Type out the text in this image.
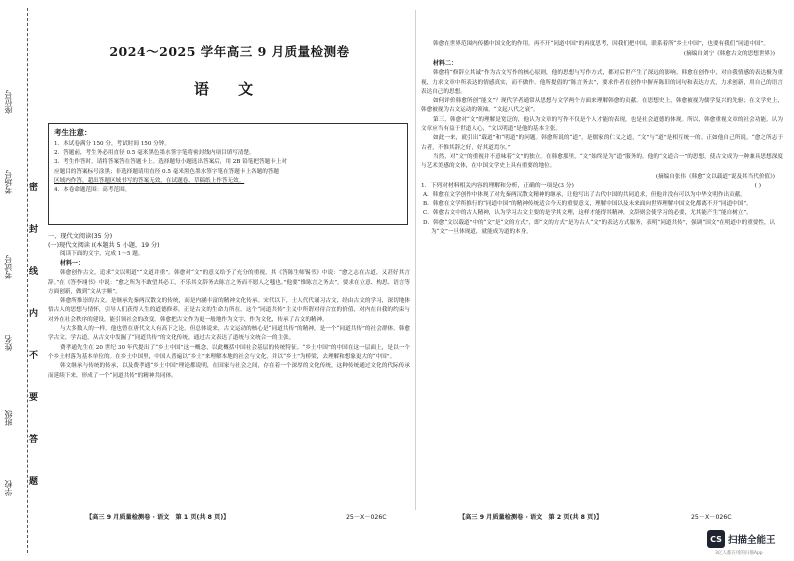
座位号
考场号
考试号
姓名
班级
学校
密
封
线
内
不
要
答
题
2024～2025 学年高三 9 月质量检测卷
语 文
考生注意：
1．本试卷满分 150 分，考试时间 150 分钟。
2．答题前，考生务必用直径 0.5 毫米黑色墨水签字笔将密封线内项目填写清楚。
3．考生作答时，请将答案答在答题卡上。选择题每小题选出答案后，用 2B 铅笔把答题卡上对
应题目的答案标号涂黑；非选择题请用直径 0.5 毫米黑色墨水签字笔在答题卡上各题的答题
区域内作答，超出答题区域书写的答案无效，在试题卷、草稿纸上作答无效。
4．本卷命题范围：高考范围。
一、现代文阅读(35 分)
(一)现代文阅读 I(本题共 5 小题，19 分)
阅读下面的文字，完成 1～5 题。
材料一：
韩愈创作古文，追求“文以明道”“文道并重”。韩愈对“文”的意义给予了充分的重视，其《答陈生师锡书》中说：“愈之志在古道，又甚好其言辞。”在《答李翊书》中说：“愈之所为不敢望其必工，不乐其文辞务去陈言之务而不愿人之嗤也。”他要“惟陈言之务去”，要求在立意、构思、语言等方面创新，做到“文从字顺”。
韩愈所推崇的古文，是继承先秦两汉散文的传统，而是内涵丰富的精神文化传承。宋代以下，士人代代诵习古文，经由古文的学习，深切地体悟古人的思想与情怀，引导人们获得人生的道德修养，正是古文的生命力所在。这个“同道共传”主义中所谓对待合宜的价值，对内在自我的约束与对外在社会秩序的建设，能引领社会的改变。韩愈把古文作为更一般地作为文字、作为文化，传承了古文的精神。
与大多数人的一样，他也曾在唐代文人有高下之论，但总体说来，古文运动的核心是“同道共传”的精神，是一个“同道共传”的社会群体。韩愈学古文、学古道，从古文中发掘了“同道共传”的文化传统，通过古文表达了道统与文统合一的主张。
费孝通先生在 20 世纪 30 年代提出了“乡土中国”这一概念，以此概括中国社会基层的传统特征。“乡土中国”的中国在这一层面上，是以一个个乡土村落为基本单位的。在乡土中国里，中国人普遍以“乡土”来理解本地的社会与文化，并以“乡土”为桥梁，去理解和想象更大的“中国”。
韩文继承与传统的传承，以及费孝通“乡土中国”理论都说明，在国家与社会之间，存在着一个深厚的文化传统，这种传统通过文化的代际传承而延续下来，形成了一个“同道共传”的精神共同体。
【高三 9 月质量检测卷 · 语文　第 1 页(共 8 页)】	25－X－026C
韩愈在世界范围内传播中国文化的作用，再不开“同道中国”的再度思考，因我们把中国，联系着所“乡土中国”，也要有我们“同道中国”。
(摘编自刘宁《韩愈古文的思想世界》)
材料二：
韩愈将“修辞立其诚”作为古文写作的核心原则，他的思想与写作方式，都对后世产生了深远的影响。韩愈在创作中，对自我情感的表达极为重视，力求文章中所表达的情感真实，而不做作。他所提倡的“陈言务去”，要求作者在创作中摒弃陈旧的词句和表达方式，力求创新，用自己的语言表达自己的思想。
如何评价韩愈所创“能文”？现代学者通常从思想与文学两个方面来理解韩愈的贡献。在思想史上，韩愈被视为儒学复兴的先驱；在文学史上，韩愈被视为古文运动的领袖，“文起八代之衰”。
第三，韩愈对“文”的理解是宽泛的，他认为文章的写作不仅是个人才能的表现，也是社会道德的体现。所以，韩愈重视文章的社会功能，认为文章应当有益于世道人心，“文以明道”是他的基本主张。
如此一来，就引出“载道”和“明道”的问题。韩愈所说的“道”，是儒家的仁义之道，“文”与“道”是相互统一的。正如他自己所说，“愈之所志于古者，不惟其辞之好，好其道焉尔。”
当然，对“文”的重视并不意味着“文”的独立。在韩愈那里，“文”始终是为“道”服务的。他的“文道合一”的思想，使古文成为一种兼具思想深度与艺术美感的文体，在中国文学史上具有重要的地位。
(摘编自张伟《韩愈“文以载道”说及其当代价值》)
1．下列对材料相关内容的理解和分析，正确的一项是(3 分)	( )
A．韩愈在文学创作中体现了对先秦两汉散文精神的继承，让他写出了古代中国的共同追求，但他并没有可以为中华文明作出贡献。
B．韩愈在文学所推行的“同道中国”的精神传统适合今天的重要意义，理解中国以及未来面向世界理解中国文化都离不开“同道中国”。
C．韩愈古文中的古人精神，认为学习古文主要的是学其文理，这样才能得其精神，文辞则会使学习的必要，尤其能产生“能自树立”。
D．韩愈“文以载道”中的“文”是“文的方式”，即“文的方式”是为古人“文”的表达方式服务，表明“同道共传”，强调“国文”在明道中的重要性，认为“文”一旦体现道，就能成为道的本身。
【高三 9 月质量检测卷 · 语文　第 2 页(共 8 页)】	25－X－026C
CS 扫描全能王
3亿人都在用的扫描App
